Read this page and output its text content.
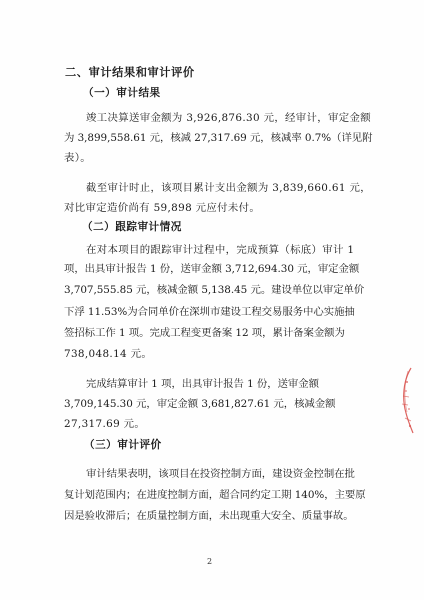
二、审计结果和审计评价
（一）审计结果
竣工决算送审金额为 3,926,876.30 元，经审计，审定金额
为 3,899,558.61 元，核减 27,317.69 元，核减率 0.7%（详见附
表）。
截至审计时止，该项目累计支出金额为 3,839,660.61 元，
对比审定造价尚有 59,898 元应付未付。
（二）跟踪审计情况
在对本项目的跟踪审计过程中，完成预算（标底）审计 1
项，出具审计报告 1 份，送审金额 3,712,694.30 元，审定金额
3,707,555.85 元，核减金额 5,138.45 元。建设单位以审定单价
下浮 11.53%为合同单价在深圳市建设工程交易服务中心实施抽
签招标工作 1 项。完成工程变更备案 12 项，累计备案金额为
738,048.14 元。
完成结算审计 1 项，出具审计报告 1 份，送审金额
3,709,145.30 元，审定金额 3,681,827.61 元，核减金额
27,317.69 元。
（三）审计评价
审计结果表明，该项目在投资控制方面，建设资金控制在批
复计划范围内；在进度控制方面，超合同约定工期 140%，主要原
因是验收滞后；在质量控制方面，未出现重大安全、质量事故。
2
